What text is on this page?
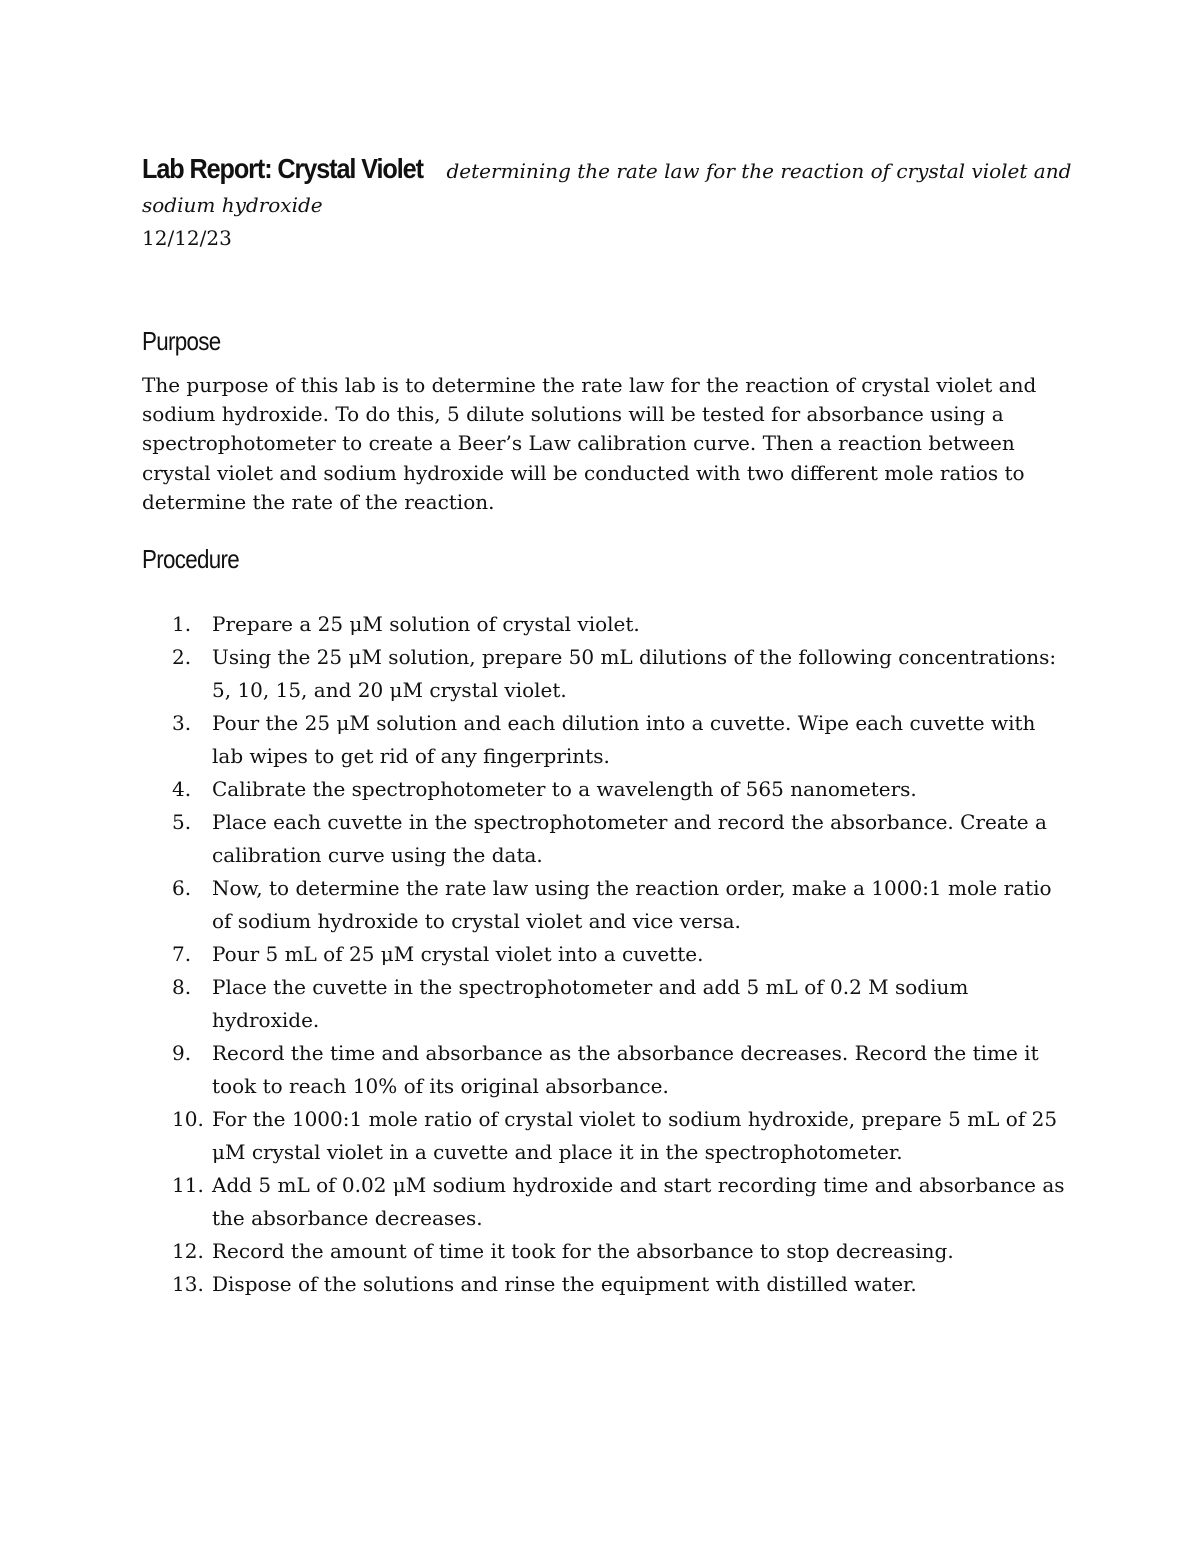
Lab Report: Crystal Violet determining the rate law for the reaction of crystal violet and sodium hydroxide
12/12/23
Purpose
The purpose of this lab is to determine the rate law for the reaction of crystal violet and sodium hydroxide. To do this, 5 dilute solutions will be tested for absorbance using a spectrophotometer to create a Beer’s Law calibration curve. Then a reaction between crystal violet and sodium hydroxide will be conducted with two different mole ratios to determine the rate of the reaction.
Procedure
1.	Prepare a 25 μM solution of crystal violet.
2.	Using the 25 μM solution, prepare 50 mL dilutions of the following concentrations: 5, 10, 15, and 20 μM crystal violet.
3.	Pour the 25 μM solution and each dilution into a cuvette. Wipe each cuvette with lab wipes to get rid of any fingerprints.
4.	Calibrate the spectrophotometer to a wavelength of 565 nanometers.
5.	Place each cuvette in the spectrophotometer and record the absorbance. Create a calibration curve using the data.
6.	Now, to determine the rate law using the reaction order, make a 1000:1 mole ratio of sodium hydroxide to crystal violet and vice versa.
7.	Pour 5 mL of 25 μM crystal violet into a cuvette.
8.	Place the cuvette in the spectrophotometer and add 5 mL of 0.2 M sodium hydroxide.
9.	Record the time and absorbance as the absorbance decreases. Record the time it took to reach 10% of its original absorbance.
10. For the 1000:1 mole ratio of crystal violet to sodium hydroxide, prepare 5 mL of 25 μM crystal violet in a cuvette and place it in the spectrophotometer.
11. Add 5 mL of 0.02 μM sodium hydroxide and start recording time and absorbance as the absorbance decreases.
12. Record the amount of time it took for the absorbance to stop decreasing.
13. Dispose of the solutions and rinse the equipment with distilled water.
